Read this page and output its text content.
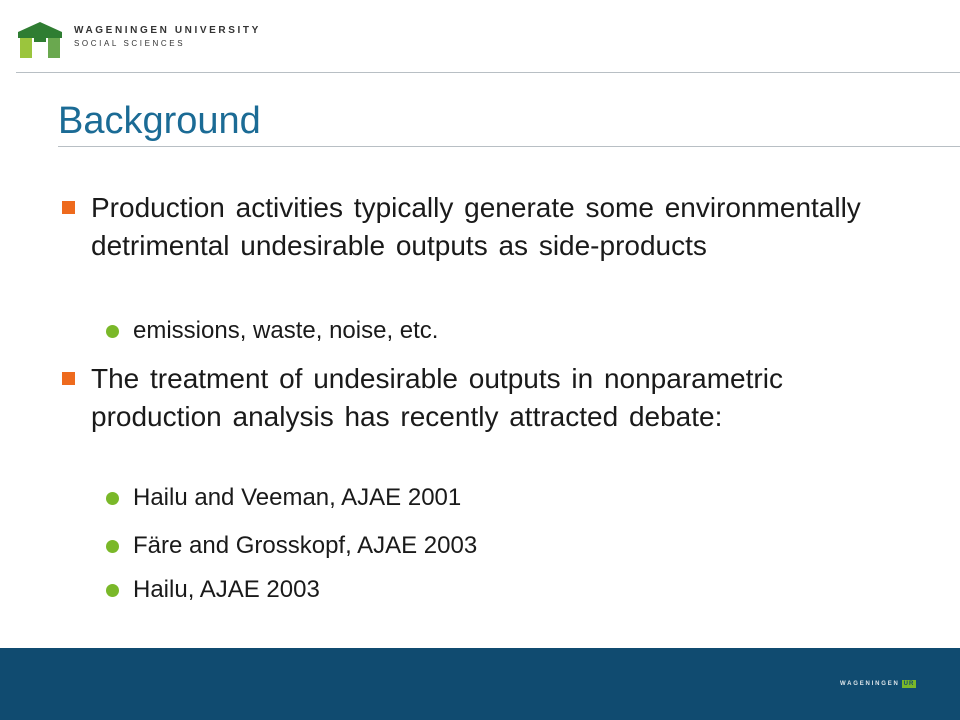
WAGENINGEN UNIVERSITY
SOCIAL SCIENCES
Background
Production activities typically generate some environmentally detrimental undesirable outputs as side-products
emissions, waste, noise, etc.
The treatment of undesirable outputs in nonparametric production analysis has recently attracted debate:
Hailu and Veeman, AJAE 2001
Färe and Grosskopf, AJAE 2003
Hailu, AJAE 2003
WAGENINGEN UR
